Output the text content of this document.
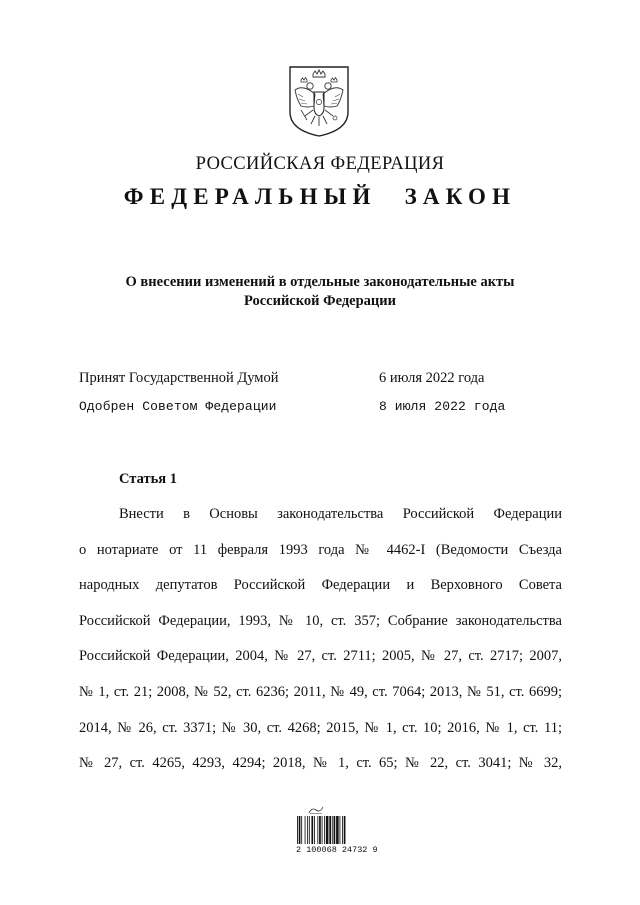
РОССИЙСКАЯ ФЕДЕРАЦИЯ
ФЕДЕРАЛЬНЫЙ ЗАКОН
О внесении изменений в отдельные законодательные акты
Российской Федерации
Принят Государственной Думой	6 июля 2022 года
Одобрен Советом Федерации	8 июля 2022 года
Статья 1
Внести в Основы законодательства Российской Федерации
о нотариате от 11 февраля 1993 года № 4462-I (Ведомости Съезда
народных депутатов Российской Федерации и Верховного Совета
Российской Федерации, 1993, № 10, ст. 357; Собрание законодательства
Российской Федерации, 2004, № 27, ст. 2711; 2005, № 27, ст. 2717; 2007,
№ 1, ст. 21; 2008, № 52, ст. 6236; 2011, № 49, ст. 7064; 2013, № 51, ст. 6699;
2014, № 26, ст. 3371; № 30, ст. 4268; 2015, № 1, ст. 10; 2016, № 1, ст. 11;
№ 27, ст. 4265, 4293, 4294; 2018, № 1, ст. 65; № 22, ст. 3041; № 32,
2 100068 24732 9
